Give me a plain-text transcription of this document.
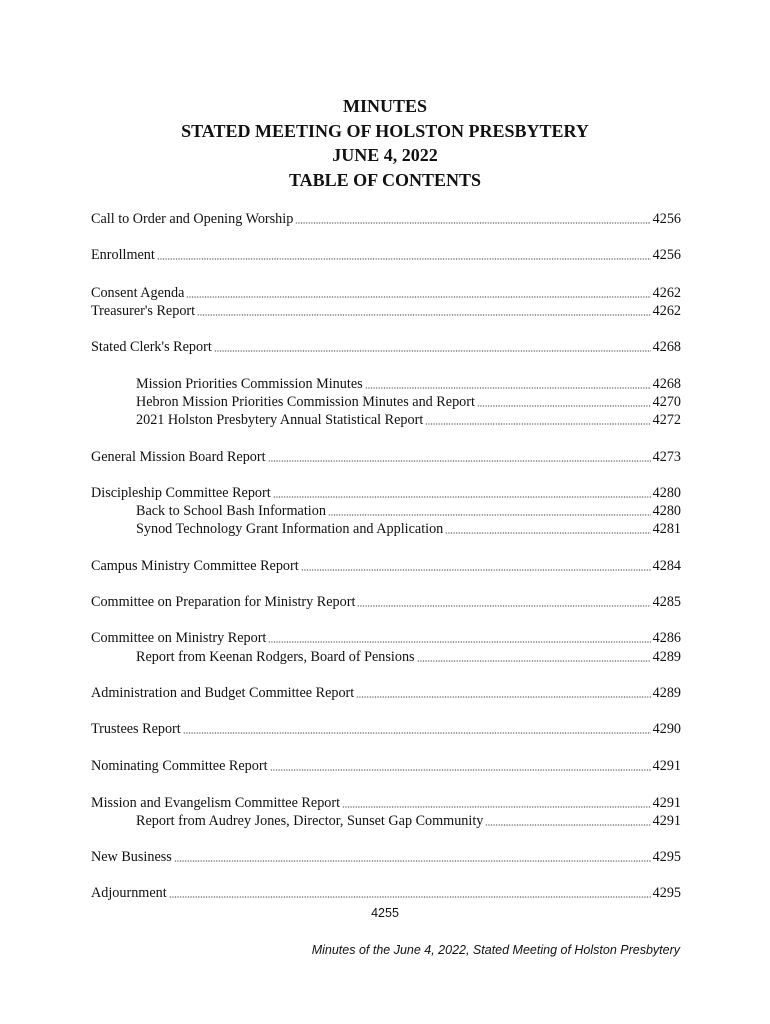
MINUTES
STATED MEETING OF HOLSTON PRESBYTERY
JUNE 4, 2022
TABLE OF CONTENTS
Call to Order and Opening Worship	4256
Enrollment	4256
Consent Agenda	4262
Treasurer's Report	4262
Stated Clerk's Report	4268
Mission Priorities Commission Minutes	4268
Hebron Mission Priorities Commission Minutes and Report	4270
2021 Holston Presbytery Annual Statistical Report	4272
General Mission Board Report	4273
Discipleship Committee Report	4280
Back to School Bash Information	4280
Synod Technology Grant Information and Application	4281
Campus Ministry Committee Report	4284
Committee on Preparation for Ministry Report	4285
Committee on Ministry Report	4286
Report from Keenan Rodgers, Board of Pensions	4289
Administration and Budget Committee Report	4289
Trustees Report	4290
Nominating Committee Report	4291
Mission and Evangelism Committee Report	4291
Report from Audrey Jones, Director, Sunset Gap Community	4291
New Business	4295
Adjournment	4295
4255
Minutes of the June 4, 2022, Stated Meeting of Holston Presbytery
